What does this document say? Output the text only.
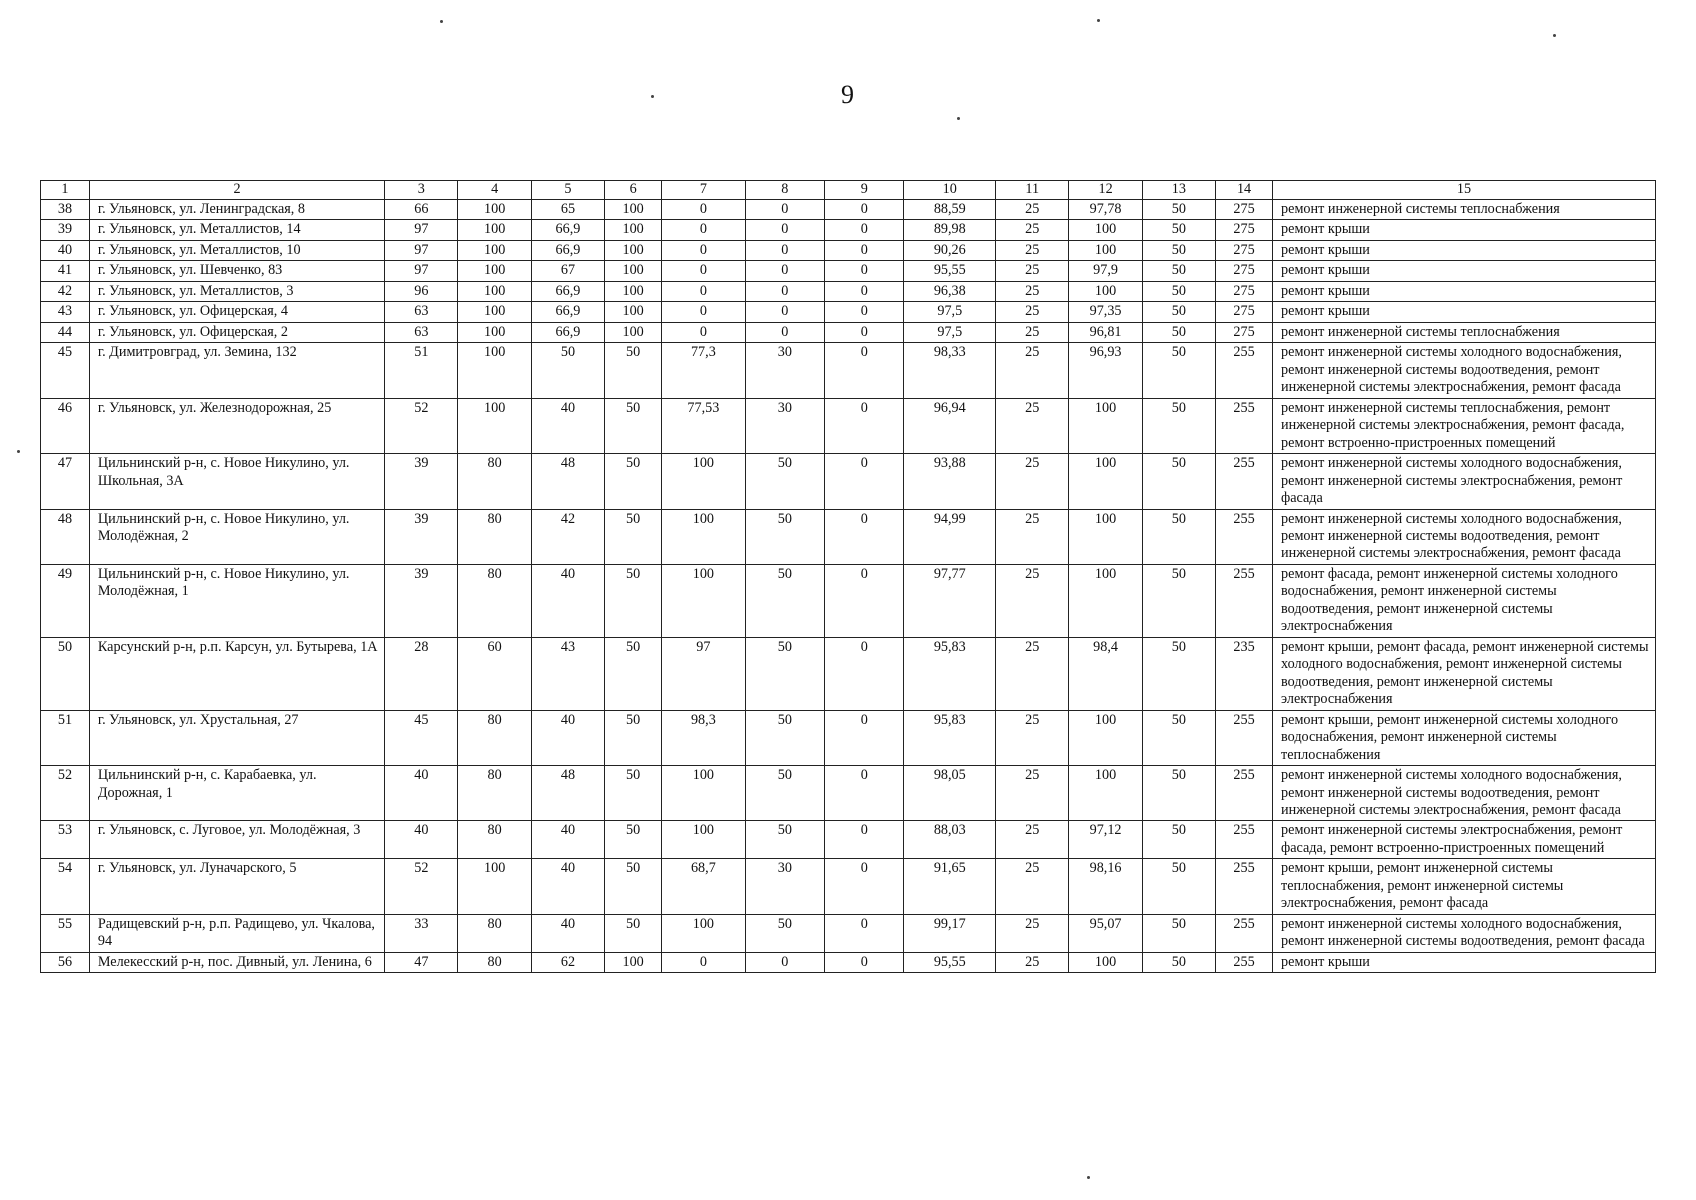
9
1	2	3	4	5	6	7	8	9	10	11	12	13	14	15
38	г. Ульяновск, ул. Ленинградская, 8	66	100	65	100	0	0	0	88,59	25	97,78	50	275	ремонт инженерной системы теплоснабжения
39	г. Ульяновск, ул. Металлистов, 14	97	100	66,9	100	0	0	0	89,98	25	100	50	275	ремонт крыши
40	г. Ульяновск, ул. Металлистов, 10	97	100	66,9	100	0	0	0	90,26	25	100	50	275	ремонт крыши
41	г. Ульяновск, ул. Шевченко, 83	97	100	67	100	0	0	0	95,55	25	97,9	50	275	ремонт крыши
42	г. Ульяновск, ул. Металлистов, 3	96	100	66,9	100	0	0	0	96,38	25	100	50	275	ремонт крыши
43	г. Ульяновск, ул. Офицерская, 4	63	100	66,9	100	0	0	0	97,5	25	97,35	50	275	ремонт крыши
44	г. Ульяновск, ул. Офицерская, 2	63	100	66,9	100	0	0	0	97,5	25	96,81	50	275	ремонт инженерной системы теплоснабжения
45	г. Димитровград, ул. Земина, 132	51	100	50	50	77,3	30	0	98,33	25	96,93	50	255	ремонт инженерной системы холодного водоснабжения, ремонт инженерной системы водоотведения, ремонт инженерной системы электроснабжения, ремонт фасада
46	г. Ульяновск, ул. Железнодорожная, 25	52	100	40	50	77,53	30	0	96,94	25	100	50	255	ремонт инженерной системы теплоснабжения, ремонт инженерной системы электроснабжения, ремонт фасада, ремонт встроенно-пристроенных помещений
47	Цильнинский р-н, с. Новое Никулино, ул. Школьная, 3А	39	80	48	50	100	50	0	93,88	25	100	50	255	ремонт инженерной системы холодного водоснабжения, ремонт инженерной системы электроснабжения, ремонт фасада
48	Цильнинский р-н, с. Новое Никулино, ул. Молодёжная, 2	39	80	42	50	100	50	0	94,99	25	100	50	255	ремонт инженерной системы холодного водоснабжения, ремонт инженерной системы водоотведения, ремонт инженерной системы электроснабжения, ремонт фасада
49	Цильнинский р-н, с. Новое Никулино, ул. Молодёжная, 1	39	80	40	50	100	50	0	97,77	25	100	50	255	ремонт фасада, ремонт инженерной системы холодного водоснабжения, ремонт инженерной системы водоотведения, ремонт инженерной системы электроснабжения
50	Карсунский р-н, р.п. Карсун, ул. Бутырева, 1А	28	60	43	50	97	50	0	95,83	25	98,4	50	235	ремонт крыши, ремонт фасада, ремонт инженерной системы холодного водоснабжения, ремонт инженерной системы водоотведения, ремонт инженерной системы электроснабжения
51	г. Ульяновск, ул. Хрустальная, 27	45	80	40	50	98,3	50	0	95,83	25	100	50	255	ремонт крыши, ремонт инженерной системы холодного водоснабжения, ремонт инженерной системы теплоснабжения
52	Цильнинский р-н, с. Карабаевка, ул. Дорожная, 1	40	80	48	50	100	50	0	98,05	25	100	50	255	ремонт инженерной системы холодного водоснабжения, ремонт инженерной системы водоотведения, ремонт инженерной системы электроснабжения, ремонт фасада
53	г. Ульяновск, с. Луговое, ул. Молодёжная, 3	40	80	40	50	100	50	0	88,03	25	97,12	50	255	ремонт инженерной системы электроснабжения, ремонт фасада, ремонт встроенно-пристроенных помещений
54	г. Ульяновск, ул. Луначарского, 5	52	100	40	50	68,7	30	0	91,65	25	98,16	50	255	ремонт крыши, ремонт инженерной системы теплоснабжения, ремонт инженерной системы электроснабжения, ремонт фасада
55	Радищевский р-н, р.п. Радищево, ул. Чкалова, 94	33	80	40	50	100	50	0	99,17	25	95,07	50	255	ремонт инженерной системы холодного водоснабжения, ремонт инженерной системы водоотведения, ремонт фасада
56	Мелекесский р-н, пос. Дивный, ул. Ленина, 6	47	80	62	100	0	0	0	95,55	25	100	50	255	ремонт крыши
